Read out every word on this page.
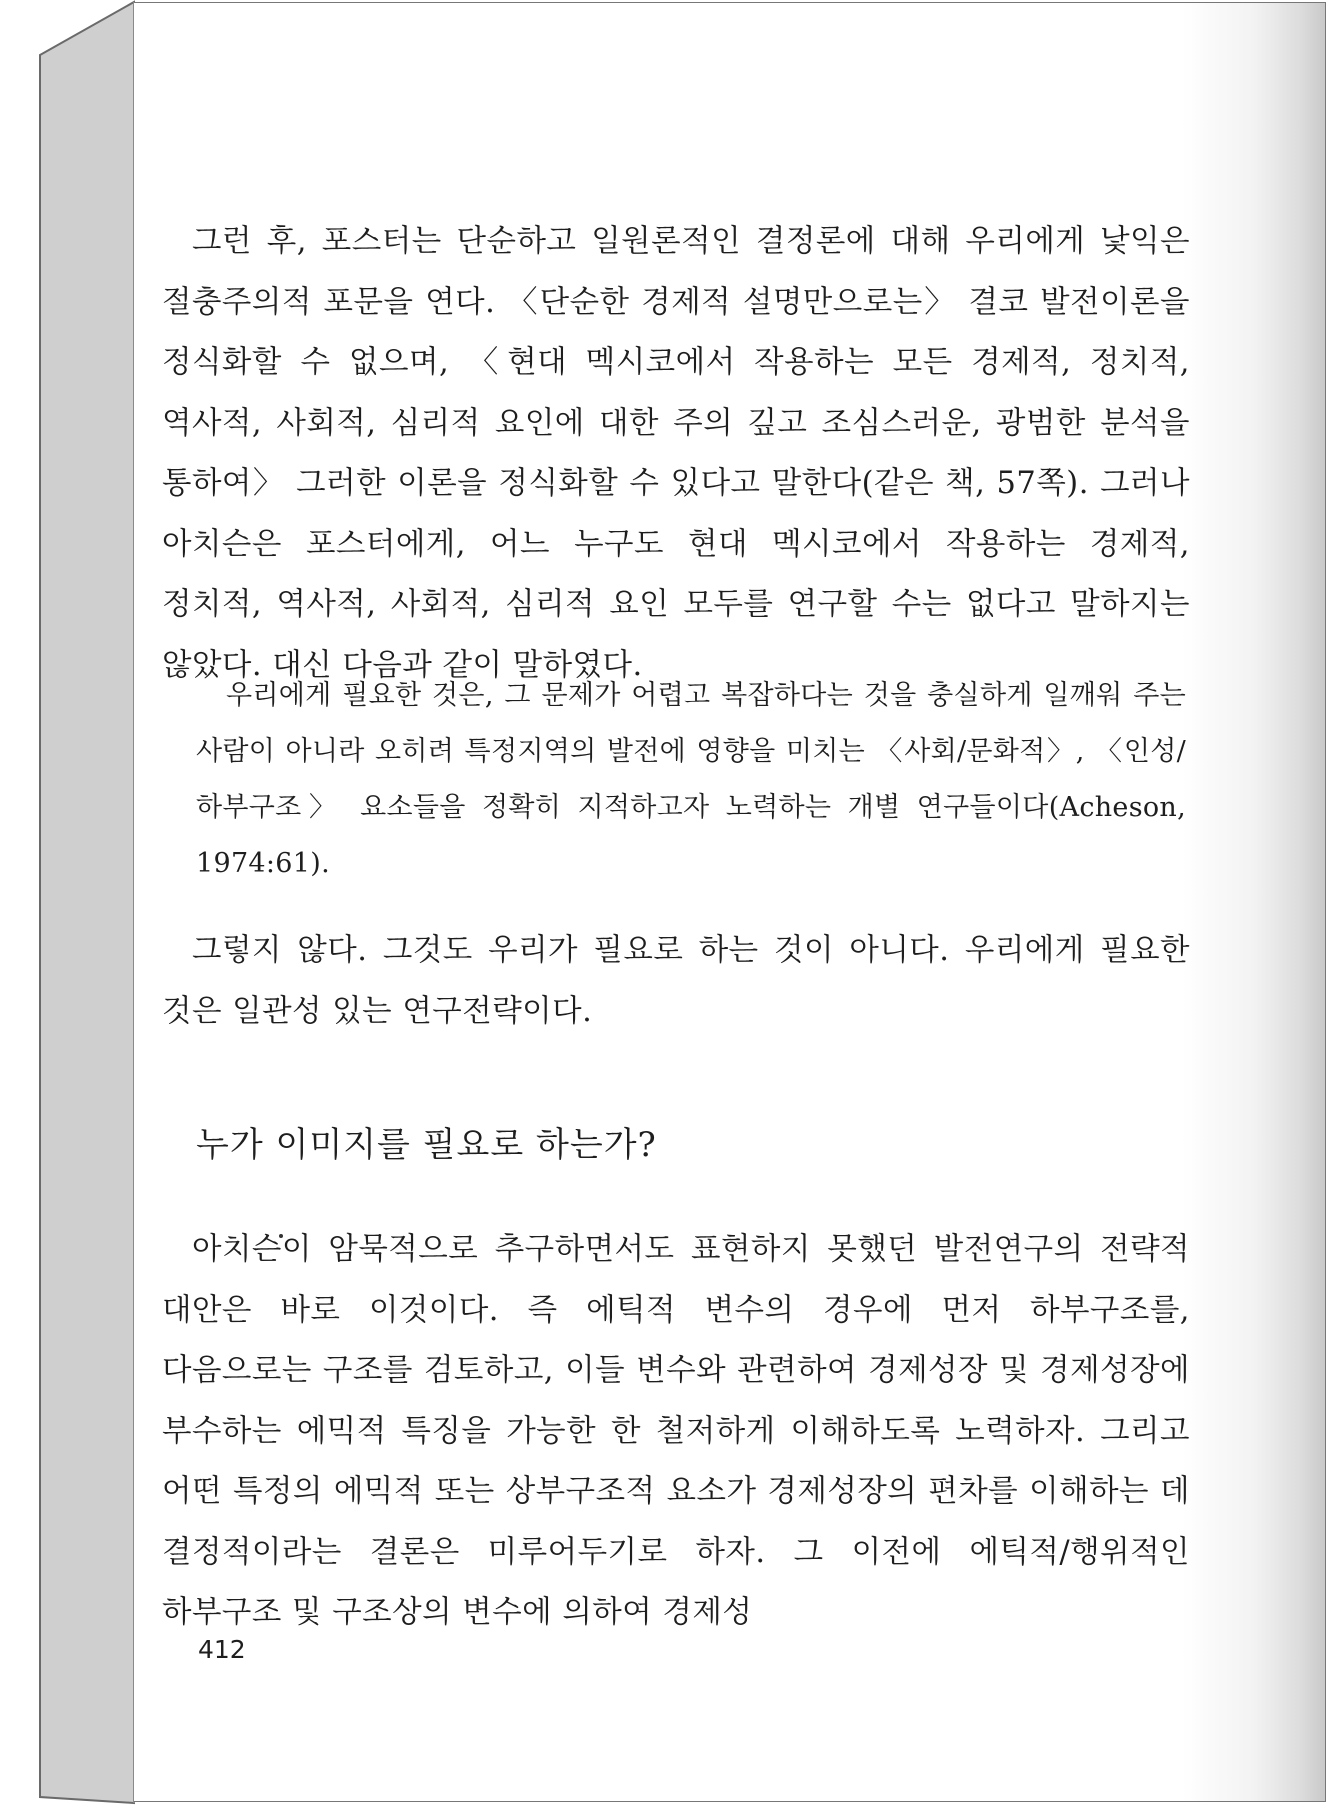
그런 후, 포스터는 단순하고 일원론적인 결정론에 대해 우리에게 낯익은 절충주의적 포문을 연다. 〈단순한 경제적 설명만으로는〉 결코 발전이론을 정식화할 수 없으며, 〈현대 멕시코에서 작용하는 모든 경제적, 정치적, 역사적, 사회적, 심리적 요인에 대한 주의 깊고 조심스러운, 광범한 분석을 통하여〉 그러한 이론을 정식화할 수 있다고 말한다(같은 책, 57쪽). 그러나 아치슨은 포스터에게, 어느 누구도 현대 멕시코에서 작용하는 경제적, 정치적, 역사적, 사회적, 심리적 요인 모두를 연구할 수는 없다고 말하지는 않았다. 대신 다음과 같이 말하였다.

우리에게 필요한 것은, 그 문제가 어렵고 복잡하다는 것을 충실하게 일깨워 주는 사람이 아니라 오히려 특정지역의 발전에 영향을 미치는 〈사회/문화적〉, 〈인성/하부구조〉 요소들을 정확히 지적하고자 노력하는 개별 연구들이다(Acheson, 1974:61).

그렇지 않다. 그것도 우리가 필요로 하는 것이 아니다. 우리에게 필요한 것은 일관성 있는 연구전략이다.

누가 이미지를 필요로 하는가?

아치슨이 암묵적으로 추구하면서도 표현하지 못했던 발전연구의 전략적 대안은 바로 이것이다. 즉 에틱적 변수의 경우에 먼저 하부구조를, 다음으로는 구조를 검토하고, 이들 변수와 관련하여 경제성장 및 경제성장에 부수하는 에믹적 특징을 가능한 한 철저하게 이해하도록 노력하자. 그리고 어떤 특정의 에믹적 또는 상부구조적 요소가 경제성장의 편차를 이해하는 데 결정적이라는 결론은 미루어두기로 하자. 그 이전에 에틱적/행위적인 하부구조 및 구조상의 변수에 의하여 경제성

412
